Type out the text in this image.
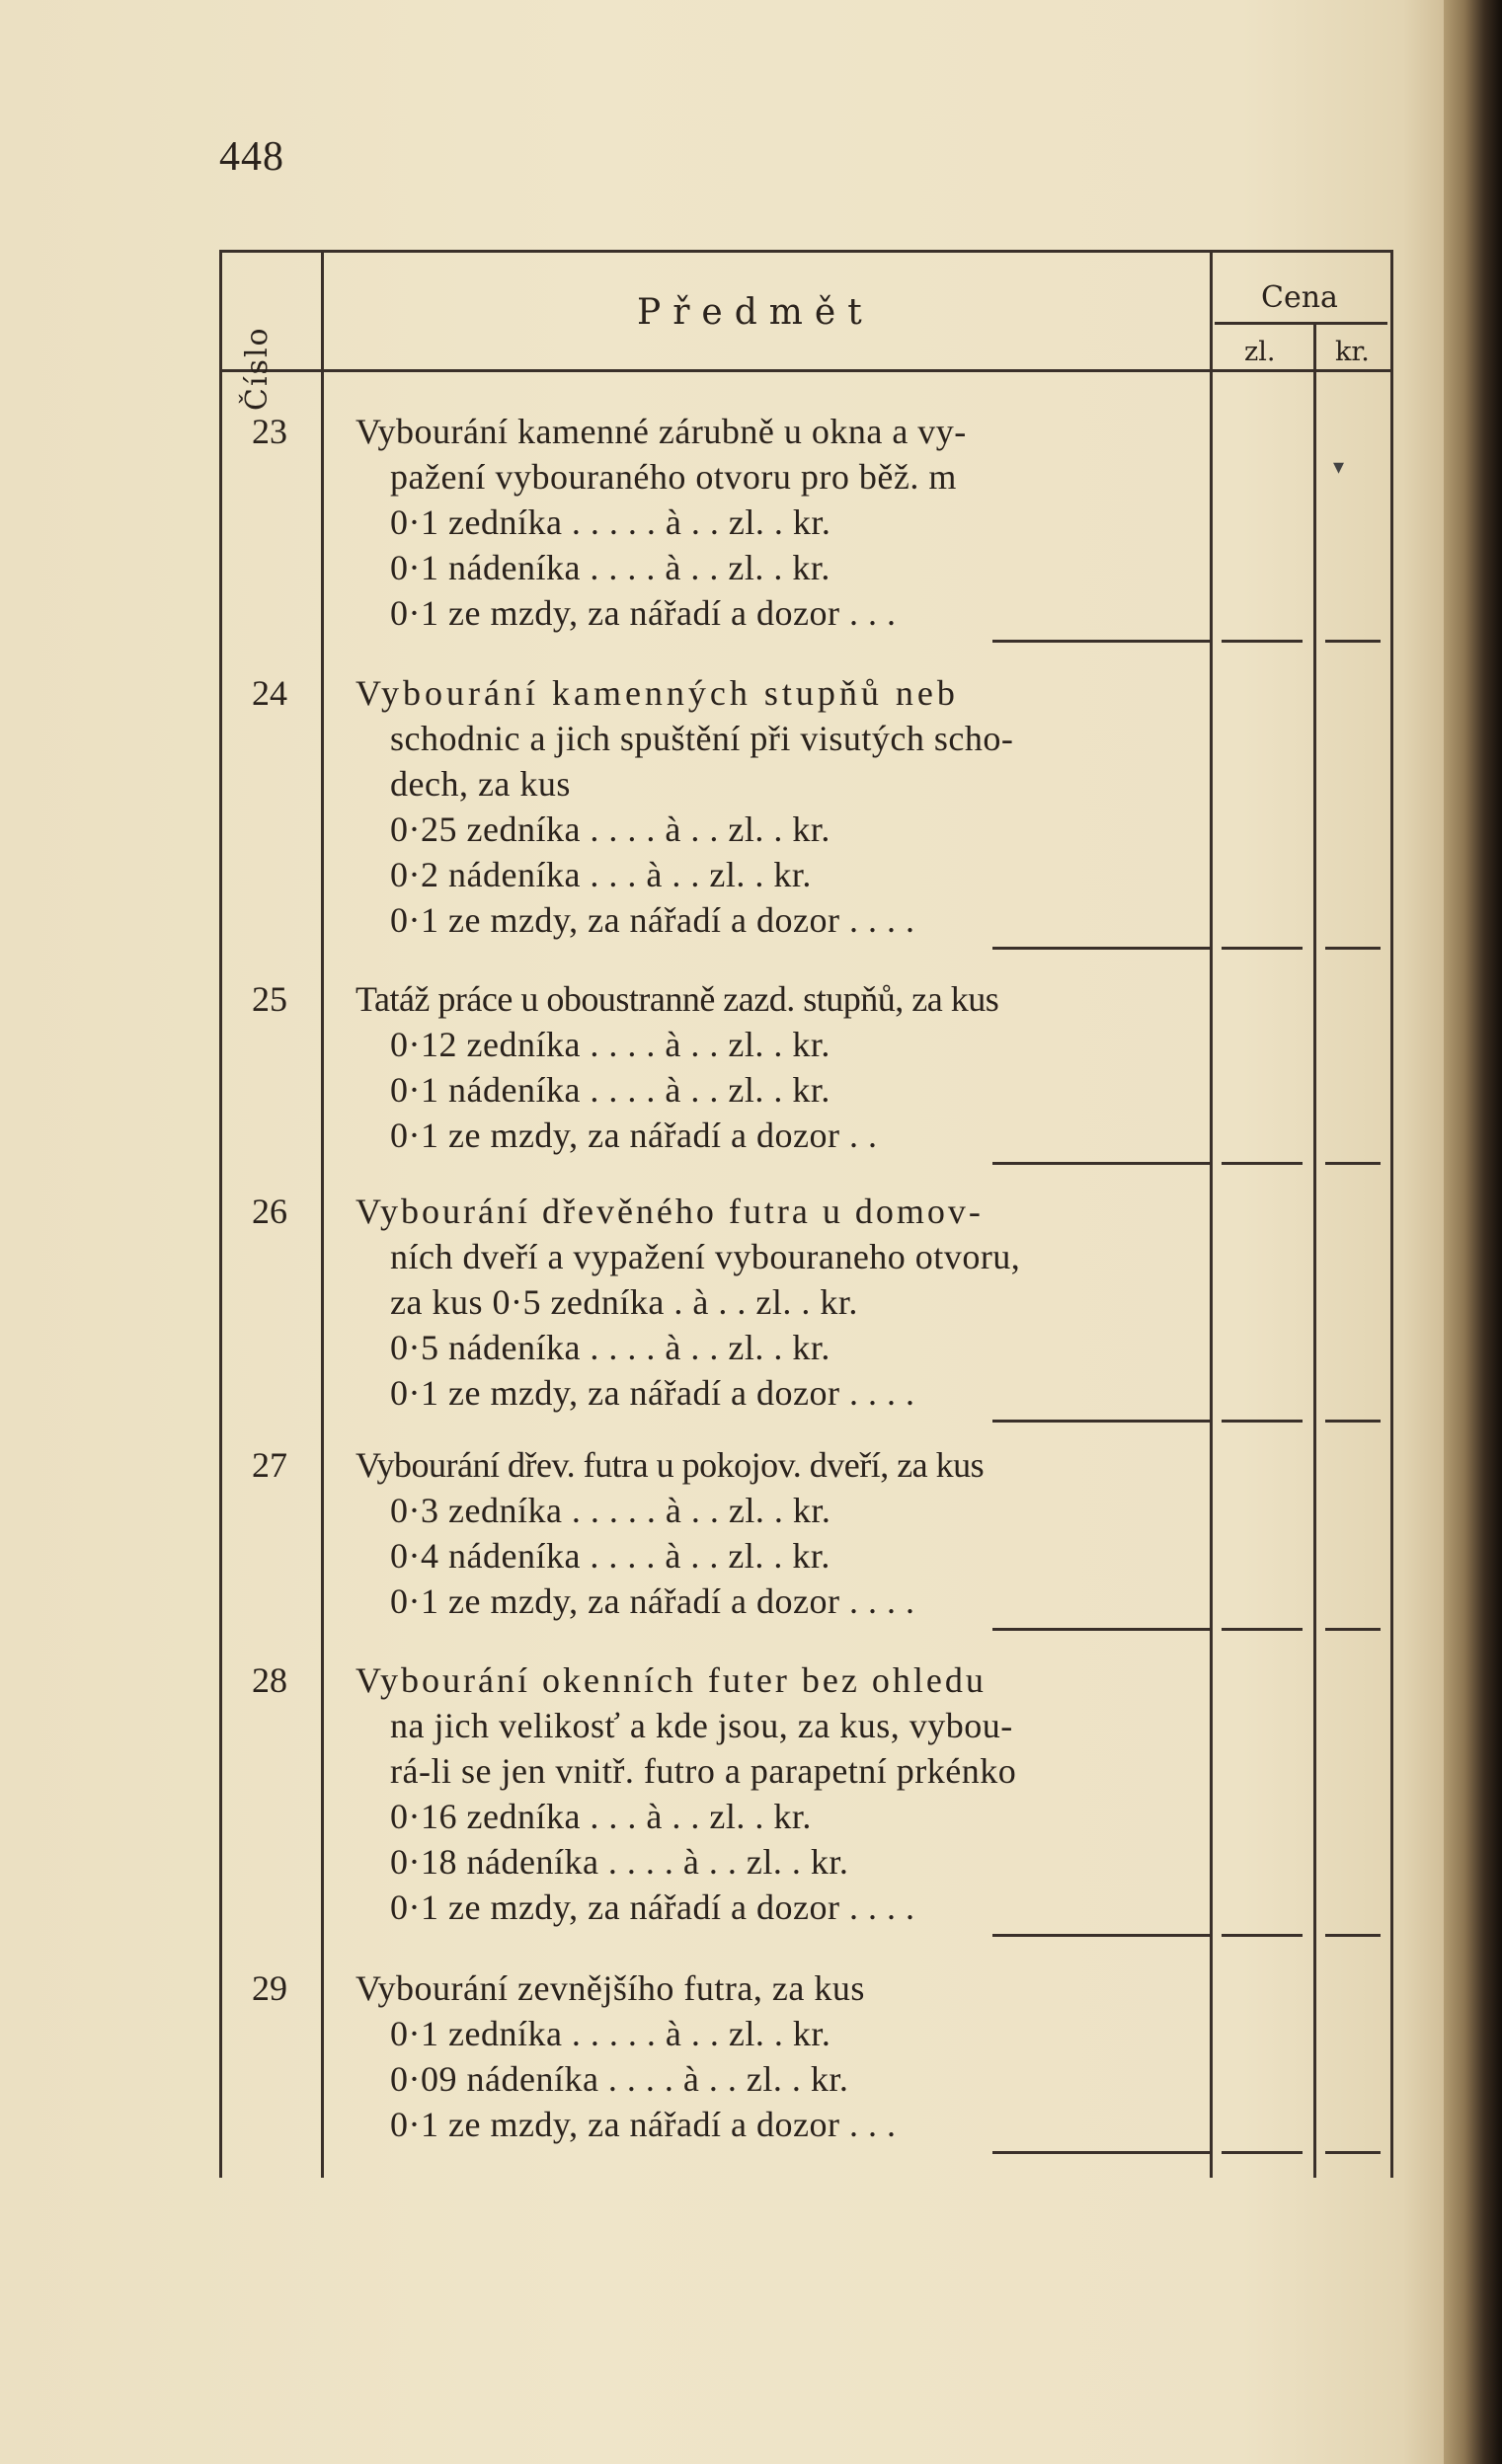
448
Číslo
Předmět	Cena
zl. kr.
23 Vybourání kamenné zárubně u okna a vy-
pažení vybouraného otvoru pro běž. m
0·1 zedníka . . . . . à . . zl. . kr.
0·1 nádeníka . . . . à . . zl. . kr.
0·1 ze mzdy, za nářadí a dozor . . .
▾
24 Vybourání kamenných stupňů neb
schodnic a jich spuštění při visutých scho-
dech, za kus
0·25 zedníka . . . . à . . zl. . kr.
0·2 nádeníka . . . à . . zl. . kr.
0·1 ze mzdy, za nářadí a dozor . . . .
25 Tatáž práce u oboustranně zazd. stupňů, za kus
0·12 zedníka . . . . à . . zl. . kr.
0·1 nádeníka . . . . à . . zl. . kr.
0·1 ze mzdy, za nářadí a dozor . .
26 Vybourání dřevěného futra u domov-
ních dveří a vypažení vybouraneho otvoru,
za kus 0·5 zedníka . à . . zl. . kr.
0·5 nádeníka . . . . à . . zl. . kr.
0·1 ze mzdy, za nářadí a dozor . . . .
27 Vybourání dřev. futra u pokojov. dveří, za kus
0·3 zedníka . . . . . à . . zl. . kr.
0·4 nádeníka . . . . à . . zl. . kr.
0·1 ze mzdy, za nářadí a dozor . . . .
28 Vybourání okenních futer bez ohledu
na jich velikosť a kde jsou, za kus, vybou-
rá-li se jen vnitř. futro a parapetní prkénko
0·16 zedníka . . . à . . zl. . kr.
0·18 nádeníka . . . . à . . zl. . kr.
0·1 ze mzdy, za nářadí a dozor . . . .
29 Vybourání zevnějšího futra, za kus
0·1 zedníka . . . . . à . . zl. . kr.
0·09 nádeníka . . . . à . . zl. . kr.
0·1 ze mzdy, za nářadí a dozor . . .
